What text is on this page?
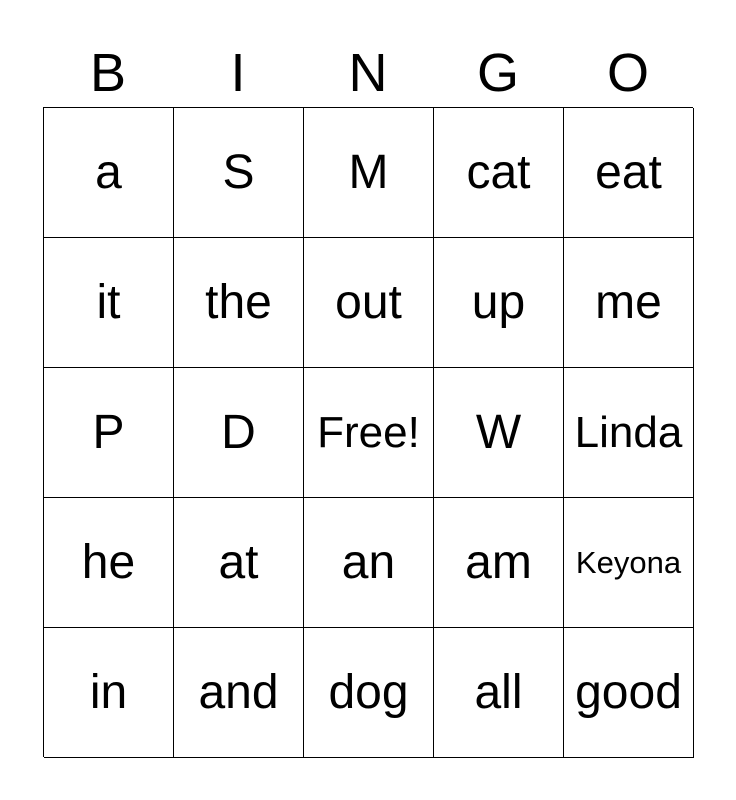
B	I	N	G	O
a	S	M	cat	eat
it	the	out	up	me
P	D	Free!	W	Linda
he	at	an	am	Keyona
in	and	dog	all	good
